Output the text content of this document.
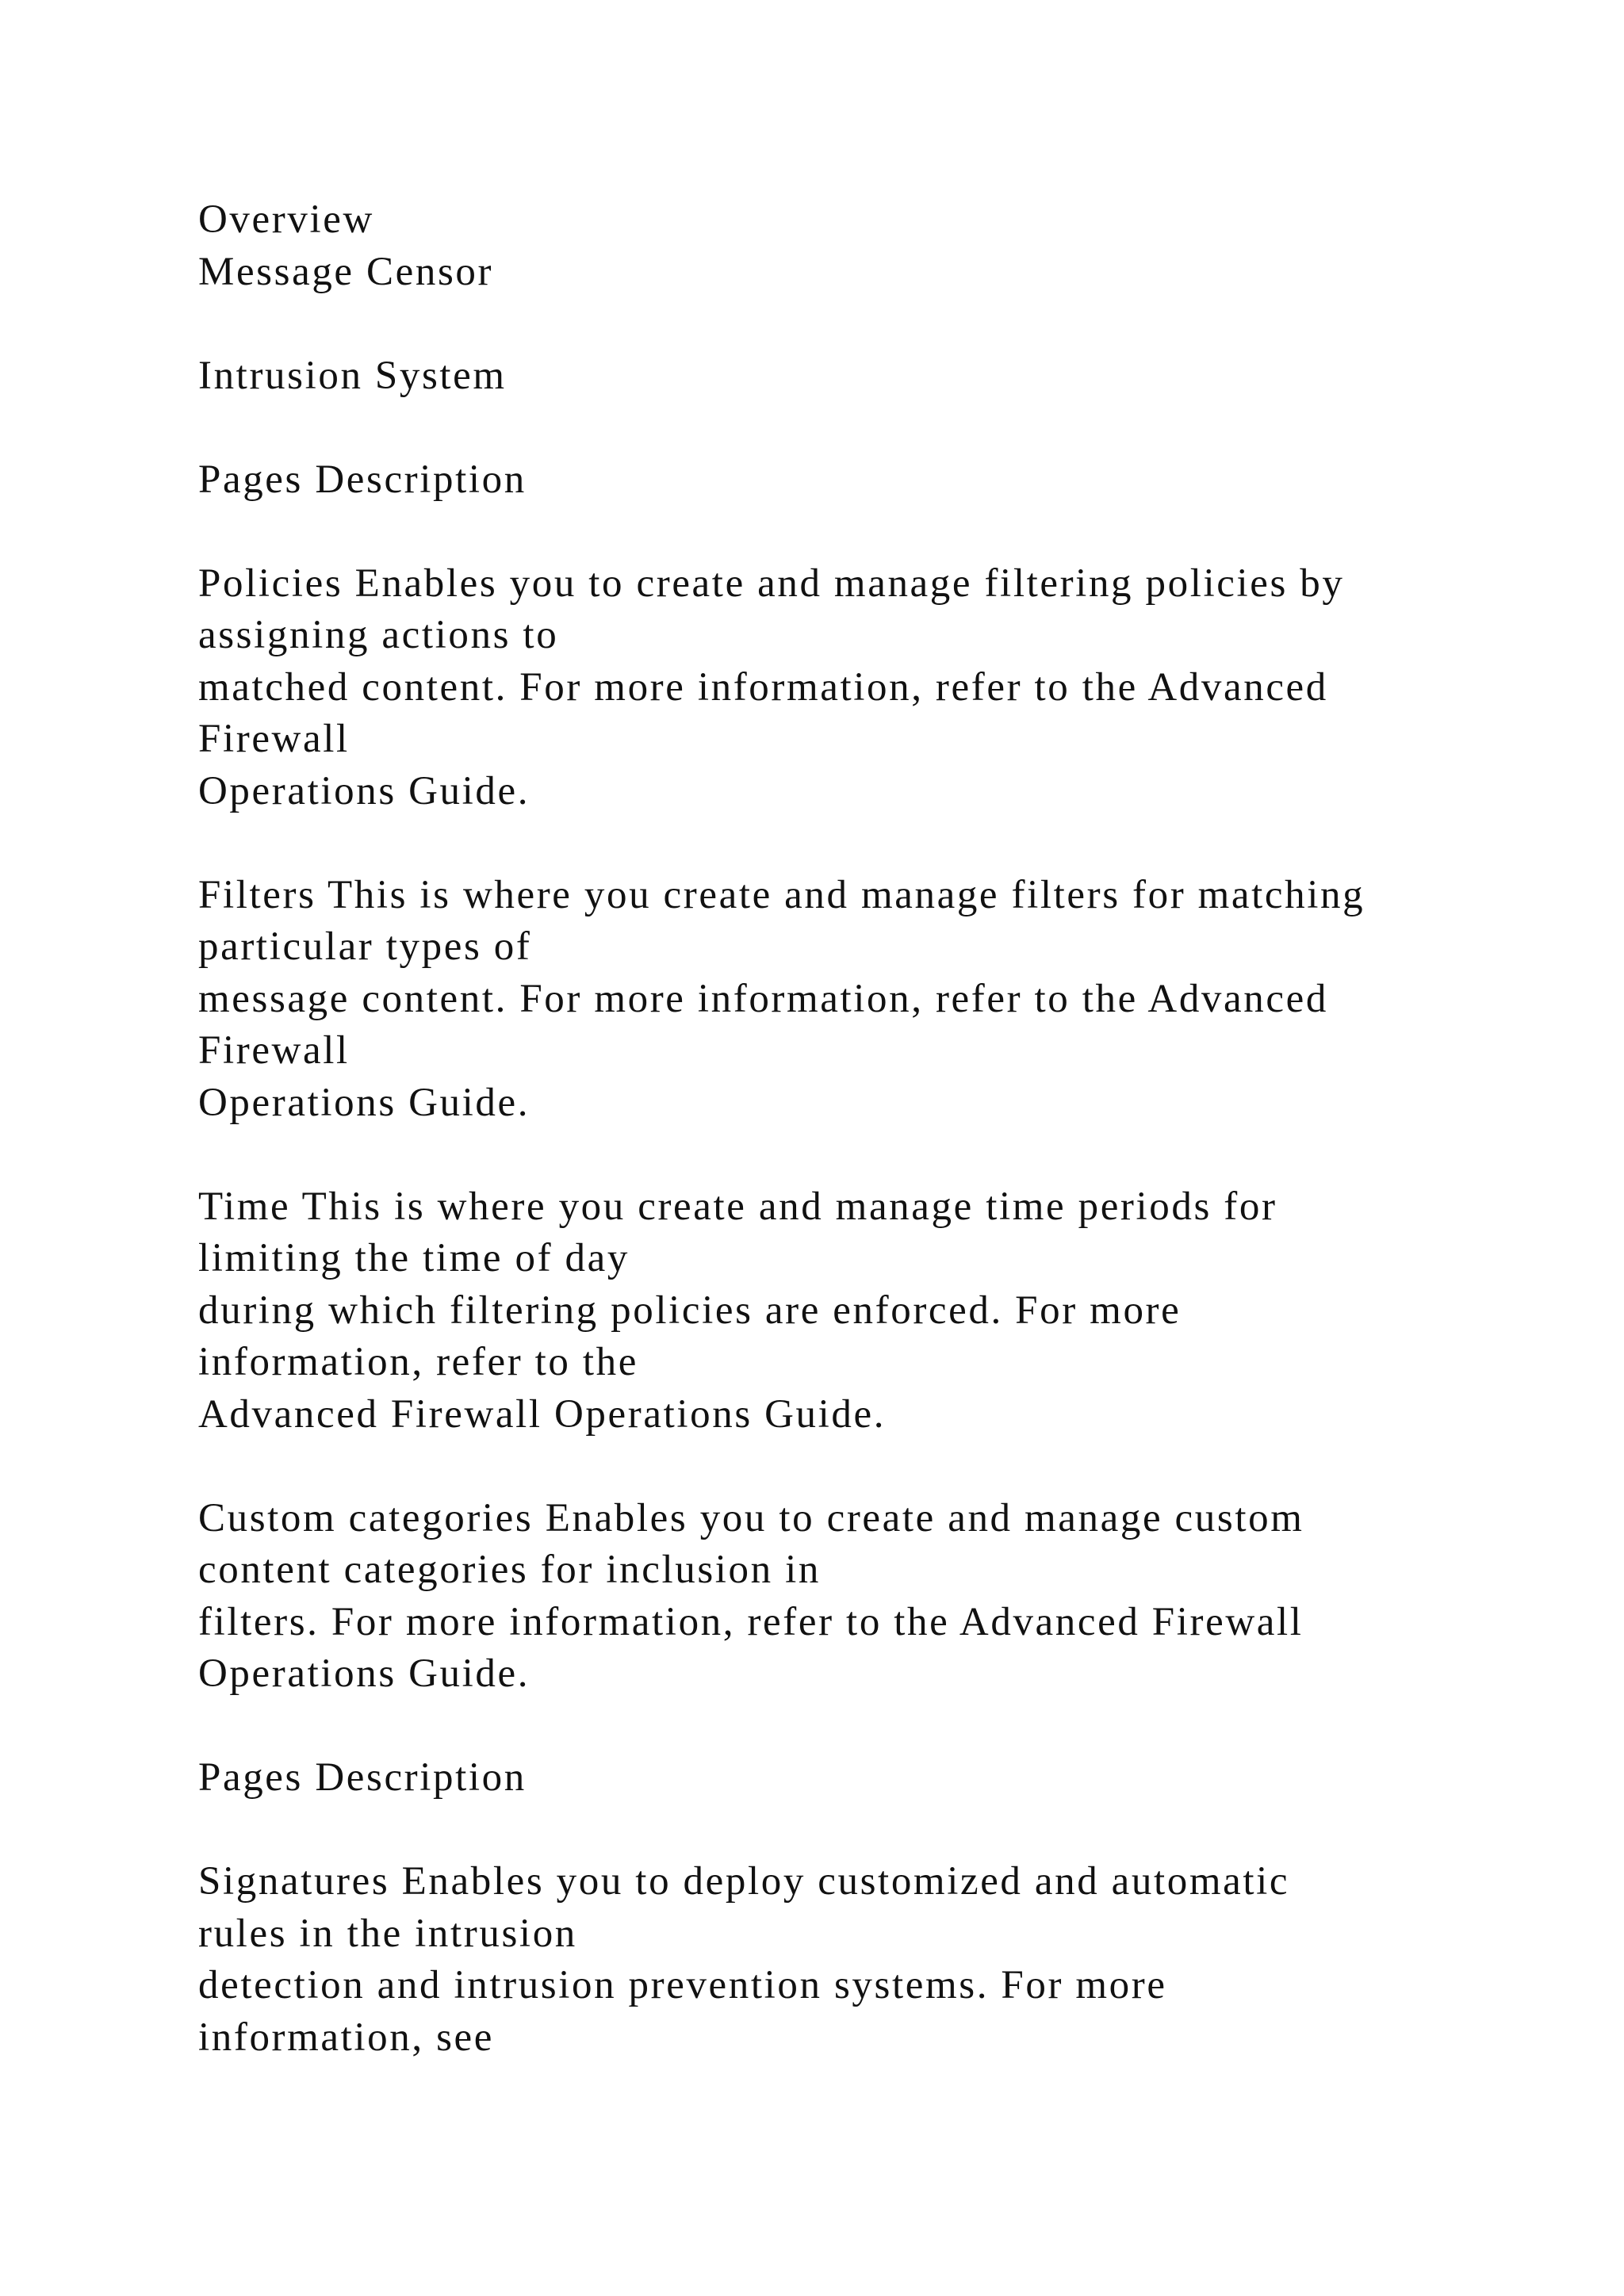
Overview
Message Censor
Intrusion System
Pages Description
Policies Enables you to create and manage filtering policies by
assigning actions to
matched content. For more information, refer to the Advanced
Firewall
Operations Guide.
Filters This is where you create and manage filters for matching
particular types of
message content. For more information, refer to the Advanced
Firewall
Operations Guide.
Time This is where you create and manage time periods for
limiting the time of day
during which filtering policies are enforced. For more
information, refer to the
Advanced Firewall Operations Guide.
Custom categories Enables you to create and manage custom
content categories for inclusion in
filters. For more information, refer to the Advanced Firewall
Operations Guide.
Pages Description
Signatures Enables you to deploy customized and automatic
rules in the intrusion
detection and intrusion prevention systems. For more
information, see
